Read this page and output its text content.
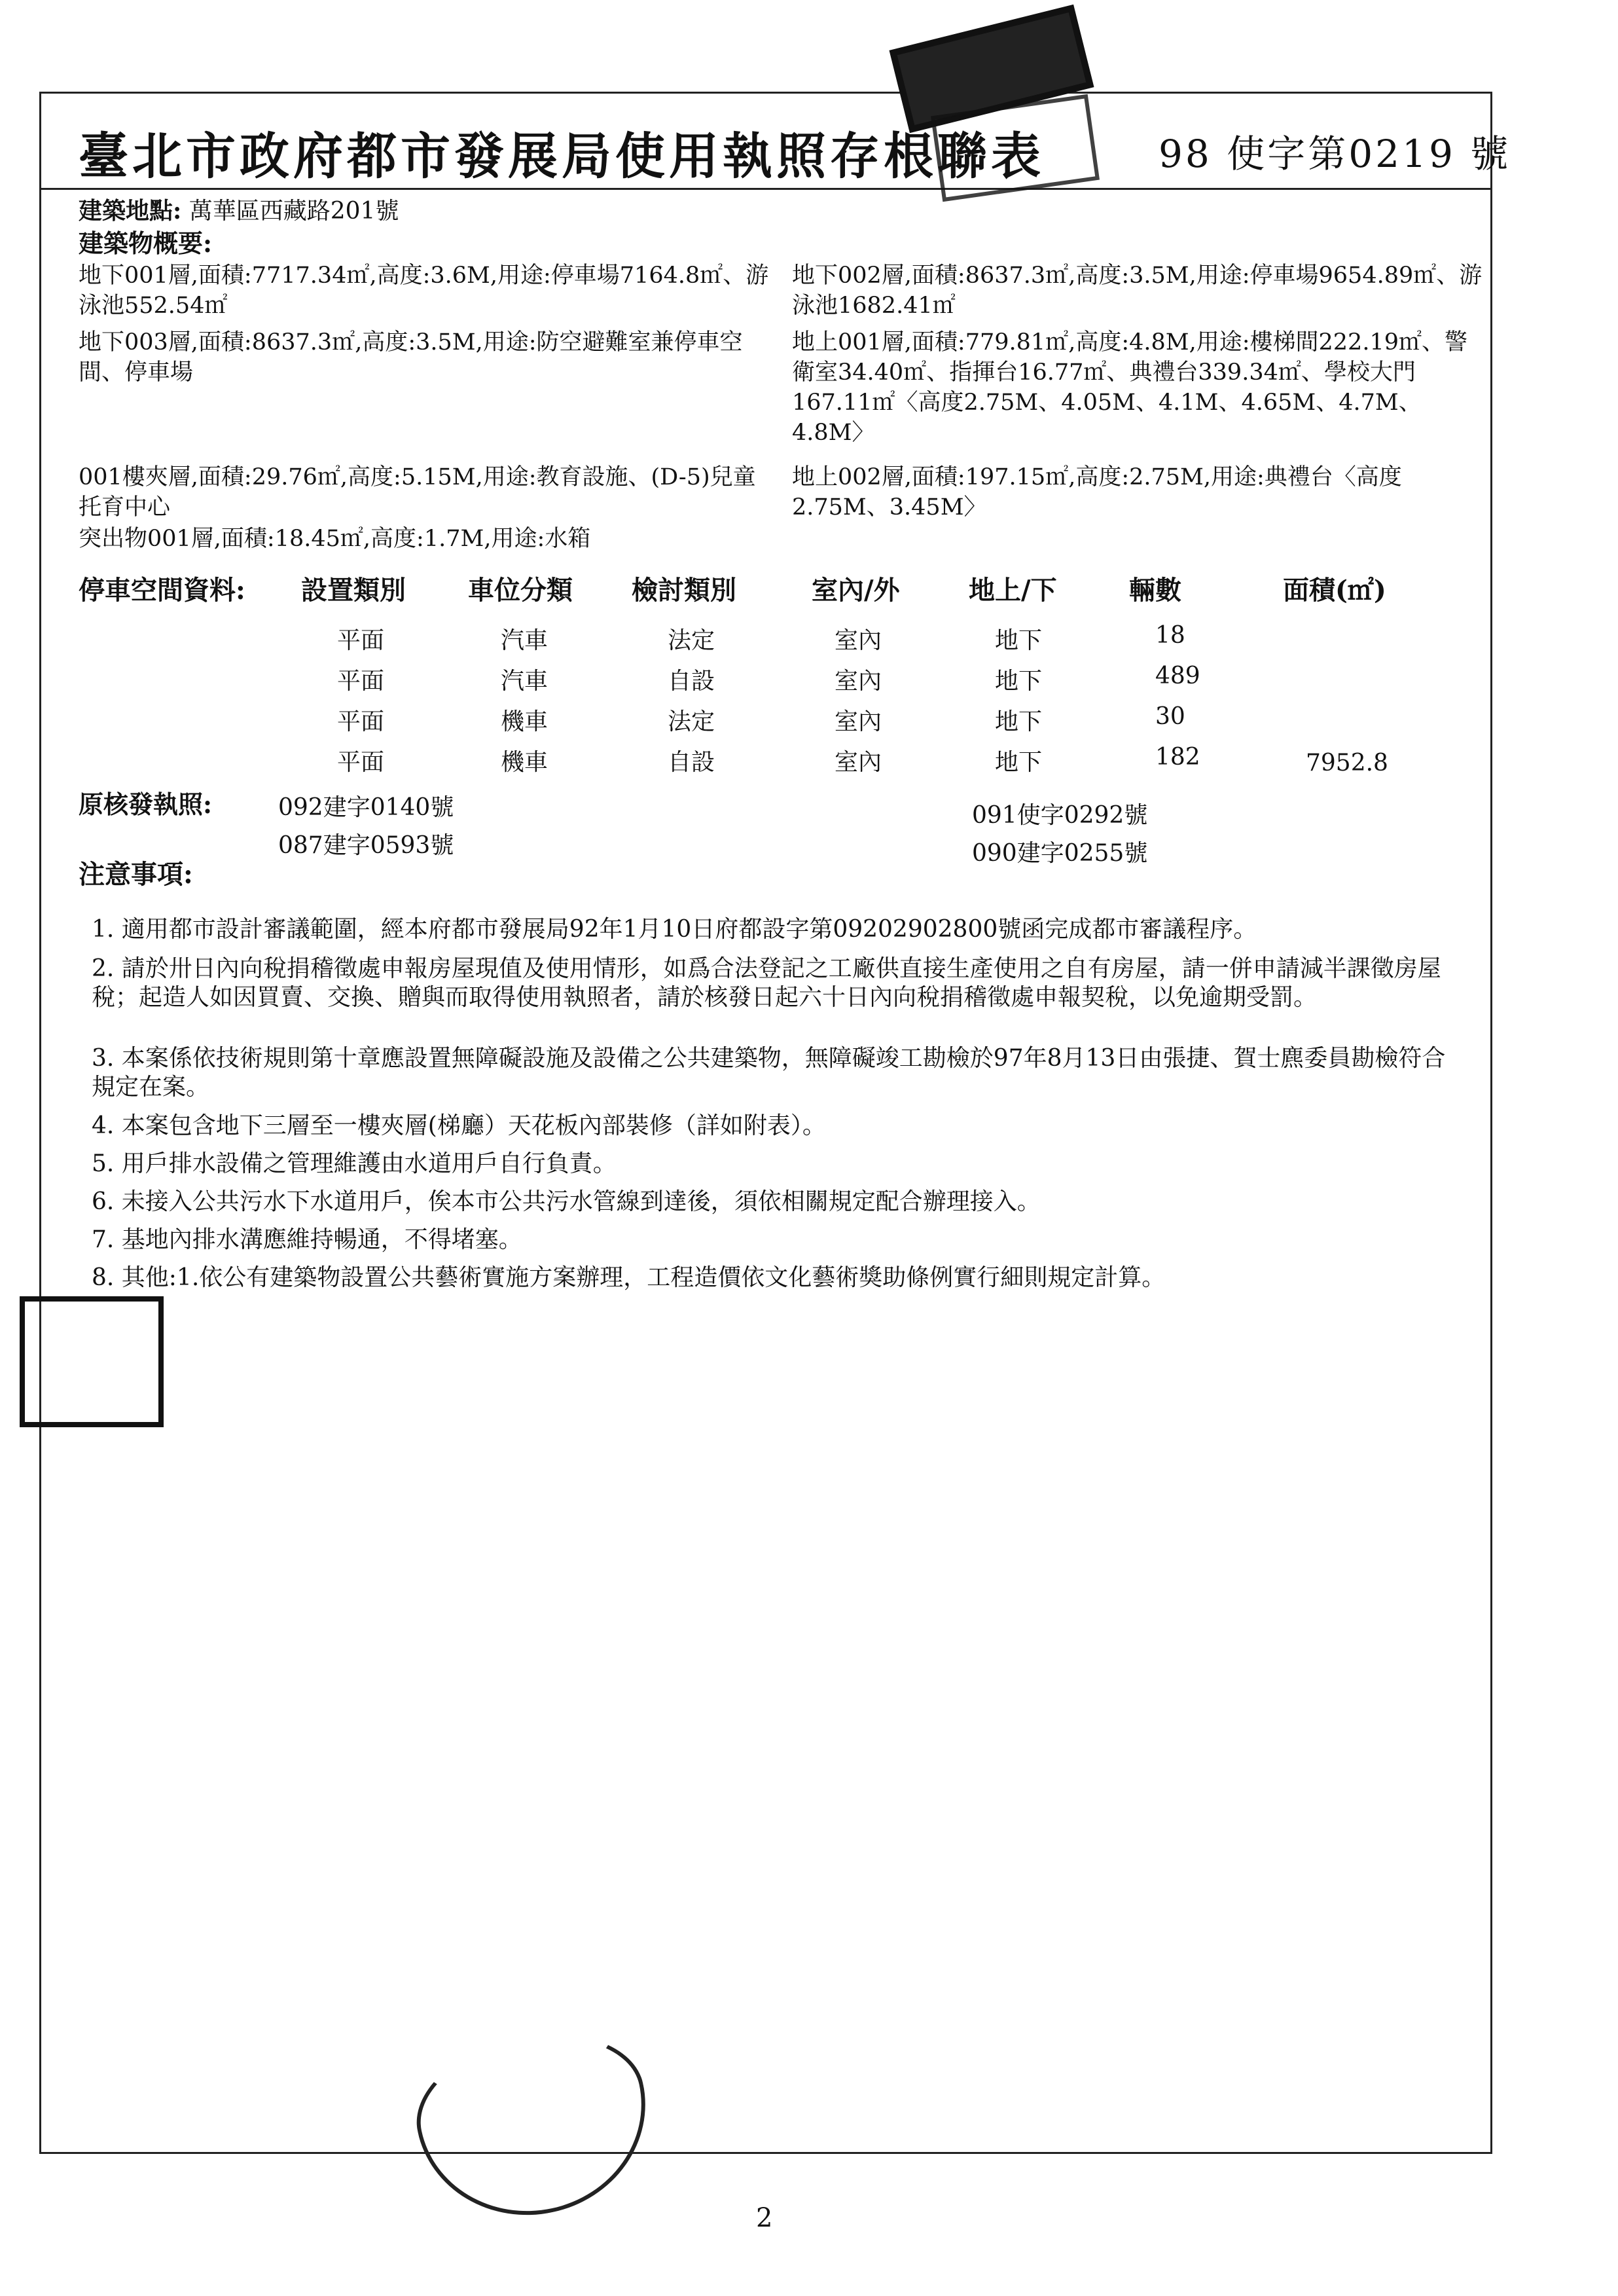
臺北市政府都市發展局使用執照存根聯表	98 使字第0219 號
建築地點: 萬華區西藏路201號
建築物概要:
地下001層,面積:7717.34㎡,高度:3.6M,用途:停車場7164.8㎡、游泳池552.54㎡
地下003層,面積:8637.3㎡,高度:3.5M,用途:防空避難室兼停車空間、停車場
001樓夾層,面積:29.76㎡,高度:5.15M,用途:教育設施、(D-5)兒童托育中心
突出物001層,面積:18.45㎡,高度:1.7M,用途:水箱
地下002層,面積:8637.3㎡,高度:3.5M,用途:停車場9654.89㎡、游泳池1682.41㎡
地上001層,面積:779.81㎡,高度:4.8M,用途:樓梯間222.19㎡、警衛室34.40㎡、指揮台16.77㎡、典禮台339.34㎡、學校大門167.11㎡〈高度2.75M、4.05M、4.1M、4.65M、4.7M、4.8M〉
地上002層,面積:197.15㎡,高度:2.75M,用途:典禮台〈高度2.75M、3.45M〉
停車空間資料: 設置類別 車位分類 檢討類別	室內/外	地上/下	輛數	面積(㎡)
平面	汽車	法定	室內	地下	18
平面	汽車	自設	室內	地下	489
平面	機車	法定	室內	地下	30
平面	機車	自設	室內	地下	182	7952.8
原核發執照:	092建字0140號
087建字0593號
091使字0292號
090建字0255號
注意事項:
1. 適用都市設計審議範圍，經本府都市發展局92年1月10日府都設字第09202902800號函完成都市審議程序。
2. 請於卅日內向稅捐稽徵處申報房屋現值及使用情形，如爲合法登記之工廠供直接生產使用之自有房屋，請一併申請減半課徵房屋稅；起造人如因買賣、交換、贈與而取得使用執照者，請於核發日起六十日內向稅捐稽徵處申報契稅，以免逾期受罰。
3. 本案係依技術規則第十章應設置無障礙設施及設備之公共建築物，無障礙竣工勘檢於97年8月13日由張捷、賀士麃委員勘檢符合規定在案。
4. 本案包含地下三層至一樓夾層(梯廳）天花板內部裝修（詳如附表）。
5. 用戶排水設備之管理維護由水道用戶自行負責。
6. 未接入公共污水下水道用戶，俟本市公共污水管線到達後，須依相關規定配合辦理接入。
7. 基地內排水溝應維持暢通，不得堵塞。
8. 其他:1.依公有建築物設置公共藝術實施方案辦理，工程造價依文化藝術獎助條例實行細則規定計算。
2
